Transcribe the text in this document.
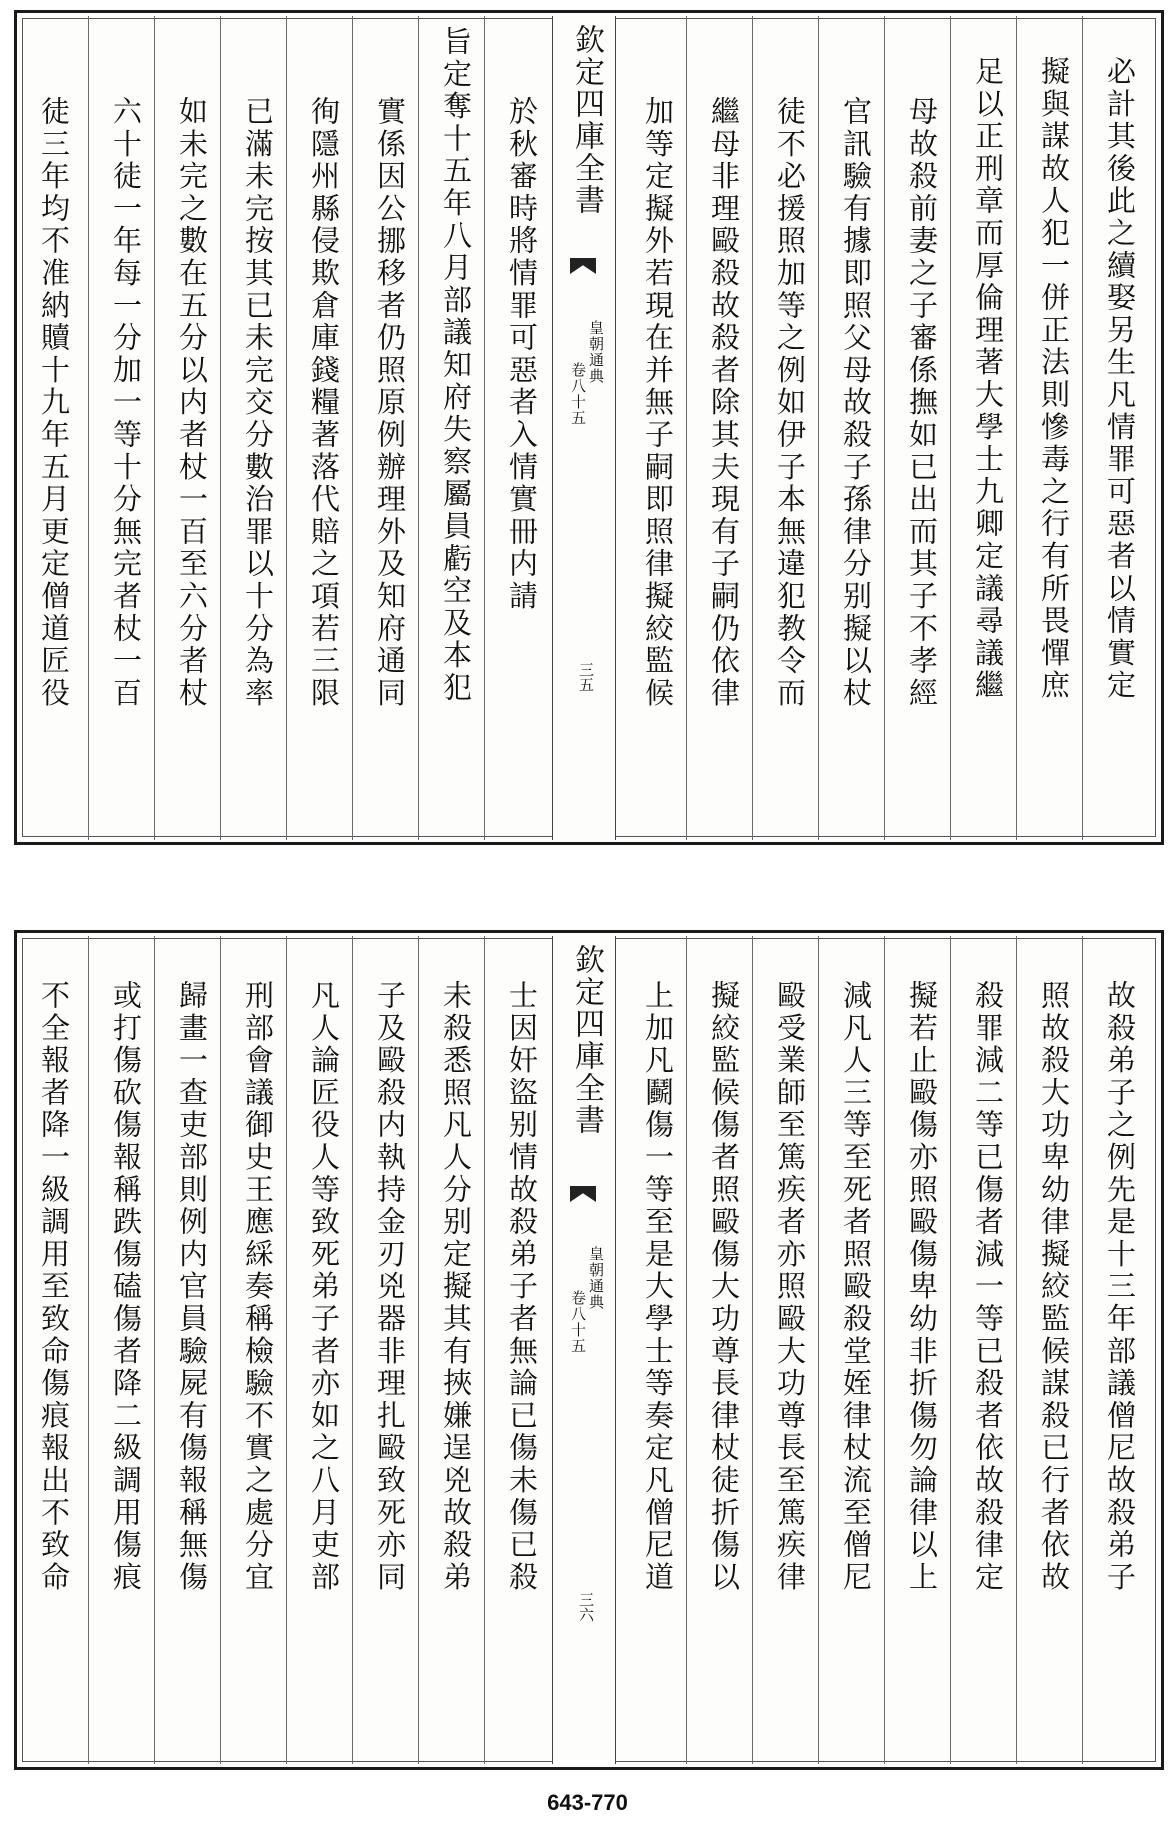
欽定四庫全書
皇朝通典
卷八十五
三五	必計其後此之續娶另生凡情罪可惡者以情實定
擬與謀故人犯一併正法則慘毒之行有所畏憚庶
足以正刑章而厚倫理著大學士九卿定議尋議繼
母故殺前妻之子審係撫如已出而其子不孝經
官訊驗有據即照父母故殺子孫律分别擬以杖
徒不必援照加等之例如伊子本無違犯教令而
繼母非理毆殺故殺者除其夫現有子嗣仍依律
加等定擬外若現在并無子嗣即照律擬絞監候
於秋審時將情罪可惡者入情實冊内請
旨定奪十五年八月部議知府失察屬員虧空及本犯
實係因公挪移者仍照原例辦理外及知府通同
徇隱州縣侵欺倉庫錢糧著落代賠之項若三限
已滿未完按其已未完交分數治罪以十分為率
如未完之數在五分以内者杖一百至六分者杖
六十徒一年每一分加一等十分無完者杖一百
徒三年均不准納贖十九年五月更定僧道匠役
欽定四庫全書
皇朝通典
卷八十五
三六
故殺弟子之例先是十三年部議僧尼故殺弟子
照故殺大功卑幼律擬絞監候謀殺已行者依故
殺罪減二等已傷者減一等已殺者依故殺律定
擬若止毆傷亦照毆傷卑幼非折傷勿論律以上
減凡人三等至死者照毆殺堂姪律杖流至僧尼
毆受業師至篤疾者亦照毆大功尊長至篤疾律
擬絞監候傷者照毆傷大功尊長律杖徒折傷以
上加凡鬬傷一等至是大學士等奏定凡僧尼道
士因奸盜别情故殺弟子者無論已傷未傷已殺
未殺悉照凡人分别定擬其有挾嫌逞兇故殺弟
子及毆殺内執持金刃兇器非理扎毆致死亦同
凡人論匠役人等致死弟子者亦如之八月吏部
刑部會議御史王應綵奏稱檢驗不實之處分宜
歸畫一查吏部則例内官員驗屍有傷報稱無傷
或打傷砍傷報稱跌傷磕傷者降二級調用傷痕
不全報者降一級調用至致命傷痕報出不致命
643-770
